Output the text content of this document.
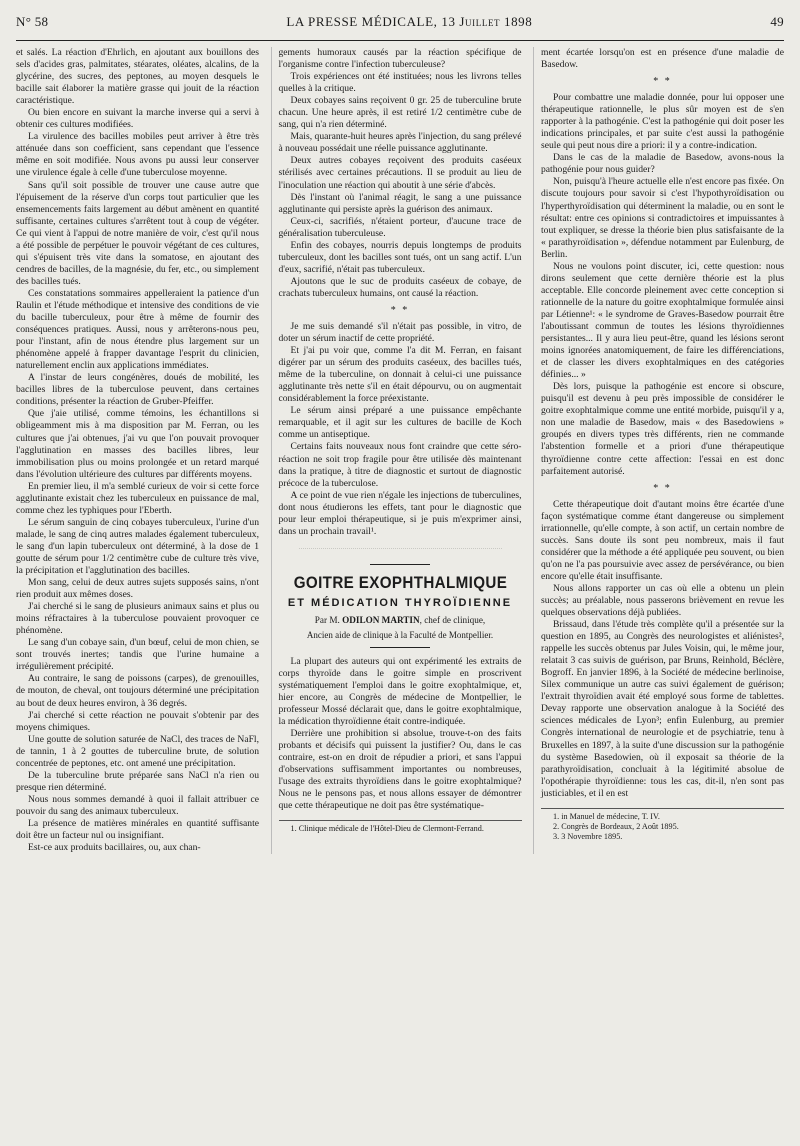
N° 58	LA PRESSE MÉDICALE, 13 Juillet 1898	49

et salés. La réaction d'Ehrlich, en ajoutant aux bouillons des sels d'acides gras, palmitates, stéarates, oléates, alcalins, de la glycérine, des sucres, des peptones, au moyen desquels le bacille sait élaborer la matière grasse qui jouit de la réaction caractéristique.

Ou bien encore en suivant la marche inverse qui a servi à obtenir ces cultures modifiées.

La virulence des bacilles mobiles peut arriver à être très atténuée dans son coefficient, sans cependant que l'essence même en soit modifiée. Nous avons pu aussi leur conserver une virulence égale à celle d'une tuberculose moyenne.

Sans qu'il soit possible de trouver une cause autre que l'épuisement de la réserve d'un corps tout particulier que les ensemencements faits largement au début amènent en quantité suffisante, certaines cultures s'arrêtent tout à coup de végéter. Ce qui vient à l'appui de notre manière de voir, c'est qu'il nous a été possible de perpétuer le pouvoir végétant de ces cultures, qui s'épuisent très vite dans la somatose, en ajoutant des cendres de bacilles, de la magnésie, du fer, etc., ou simplement des bacilles tués.

Ces constatations sommaires appelleraient la patience d'un Raulin et l'étude méthodique et intensive des conditions de vie du bacille tuberculeux, pour être à même de fournir des conséquences pratiques. Aussi, nous y arrêterons-nous peu, pour l'instant, afin de nous étendre plus largement sur un phénomène appelé à frapper davantage l'esprit du clinicien, naturellement enclin aux applications immédiates.

A l'instar de leurs congénères, doués de mobilité, les bacilles libres de la tuberculose peuvent, dans certaines conditions, présenter la réaction de Gruber-Pfeiffer.

Que j'aie utilisé, comme témoins, les échantillons si obligeamment mis à ma disposition par M. Ferran, ou les cultures que j'ai obtenues, j'ai vu que l'on pouvait provoquer l'agglutination en masses des bacilles libres, leur immobilisation plus ou moins prolongée et un retard marqué dans l'évolution ultérieure des cultures par différents moyens.

En premier lieu, il m'a semblé curieux de voir si cette force agglutinante existait chez les tuberculeux en puissance de mal, comme chez les typhiques pour l'Eberth.

Le sérum sanguin de cinq cobayes tuberculeux, l'urine d'un malade, le sang de cinq autres malades également tuberculeux, le sang d'un lapin tuberculeux ont déterminé, à la dose de 1 goutte de sérum pour 1/2 centimètre cube de culture très vive, la précipitation et l'agglutination des bacilles.

Mon sang, celui de deux autres sujets supposés sains, n'ont rien produit aux mêmes doses.

J'ai cherché si le sang de plusieurs animaux sains et plus ou moins réfractaires à la tuberculose pouvaient provoquer ce phénomène.

Le sang d'un cobaye sain, d'un bœuf, celui de mon chien, se sont trouvés inertes; tandis que l'urine humaine a irrégulièrement précipité.

Au contraire, le sang de poissons (carpes), de grenouilles, de mouton, de cheval, ont toujours déterminé une précipitation au bout de deux heures environ, à 36 degrés.

J'ai cherché si cette réaction ne pouvait s'obtenir par des moyens chimiques.

Une goutte de solution saturée de NaCl, des traces de NaFl, de tannin, 1 à 2 gouttes de tuberculine brute, de solution concentrée de peptones, etc. ont amené une précipitation.

De la tuberculine brute préparée sans NaCl n'a rien ou presque rien déterminé.

Nous nous sommes demandé à quoi il fallait attribuer ce pouvoir du sang des animaux tuberculeux.

La présence de matières minérales en quantité suffisante doit être un facteur nul ou insignifiant.

Est-ce aux produits bacillaires, ou, aux chan-

gements humoraux causés par la réaction spécifique de l'organisme contre l'infection tuberculeuse?

Trois expériences ont été instituées; nous les livrons telles quelles à la critique.

Deux cobayes sains reçoivent 0 gr. 25 de tuberculine brute chacun. Une heure après, il est retiré 1/2 centimètre cube de sang, qui n'a rien déterminé.

Mais, quarante-huit heures après l'injection, du sang prélevé à nouveau possédait une réelle puissance agglutinante.

Deux autres cobayes reçoivent des produits caséeux stérilisés avec certaines précautions. Il se produit au lieu de l'inoculation une réaction qui aboutit à une série d'abcès.

Dès l'instant où l'animal réagit, le sang a une puissance agglutinante qui persiste après la guérison des animaux.

Ceux-ci, sacrifiés, n'étaient porteur, d'aucune trace de généralisation tuberculeuse.

Enfin des cobayes, nourris depuis longtemps de produits tuberculeux, dont les bacilles sont tués, ont un sang actif. L'un d'eux, sacrifié, n'était pas tuberculeux.

Ajoutons que le suc de produits caséeux de cobaye, de crachats tuberculeux humains, ont causé la réaction.

* *

Je me suis demandé s'il n'était pas possible, in vitro, de doter un sérum inactif de cette propriété.

Et j'ai pu voir que, comme l'a dit M. Ferran, en faisant digérer par un sérum des produits caséeux, des bacilles tués, même de la tuberculine, on donnait à celui-ci une puissance agglutinante très nette s'il en était dépourvu, ou on augmentait considérablement la force préexistante.

Le sérum ainsi préparé a une puissance empêchante remarquable, et il agit sur les cultures de bacille de Koch comme un antiseptique.

Certains faits nouveaux nous font craindre que cette séro-réaction ne soit trop fragile pour être utilisée dès maintenant dans la pratique, à titre de diagnostic et surtout de diagnostic précoce de la tuberculose.

A ce point de vue rien n'égale les injections de tuberculines, dont nous étudierons les effets, tant pour le diagnostic que pour leur emploi thérapeutique, si je puis m'exprimer ainsi, dans un prochain travail¹.

GOITRE EXOPHTHALMIQUE
ET MÉDICATION THYROÏDIENNE
Par M. ODILON MARTIN, chef de clinique,
Ancien aide de clinique à la Faculté de Montpellier.

La plupart des auteurs qui ont expérimenté les extraits de corps thyroïde dans le goitre simple en proscrivent systématiquement l'emploi dans le goitre exophtalmique, et, hier encore, au Congrès de médecine de Montpellier, le professeur Mossé déclarait que, dans le goitre exophtalmique, la médication thyroïdienne était contre-indiquée.

Derrière une prohibition si absolue, trouve-t-on des faits probants et décisifs qui puissent la justifier? Ou, dans le cas contraire, est-on en droit de répudier a priori, et sans l'appui d'observations suffisamment importantes ou nombreuses, l'usage des extraits thyroïdiens dans le goitre exophtalmique? Nous ne le pensons pas, et nous allons essayer de démontrer que cette thérapeutique ne doit pas être systématique-

1. Clinique médicale de l'Hôtel-Dieu de Clermont-Ferrand.

ment écartée lorsqu'on est en présence d'une maladie de Basedow.

* *

Pour combattre une maladie donnée, pour lui opposer une thérapeutique rationnelle, le plus sûr moyen est de s'en rapporter à la pathogénie. C'est la pathogénie qui doit poser les indications principales, et par suite c'est aussi la pathogénie seule qui peut nous dire a priori: il y a contre-indication.

Dans le cas de la maladie de Basedow, avons-nous la pathogénie pour nous guider?

Non, puisqu'à l'heure actuelle elle n'est encore pas fixée. On discute toujours pour savoir si c'est l'hypothyroïdisation ou l'hyperthyroïdisation qui déterminent la maladie, ou en sont le résultat: entre ces opinions si contradictoires et impuissantes à tout expliquer, se dresse la théorie bien plus satisfaisante de la « parathyroïdisation », défendue notamment par Eulenburg, de Berlin.

Nous ne voulons point discuter, ici, cette question: nous dirons seulement que cette dernière théorie est la plus acceptable. Elle concorde pleinement avec cette conception si rationnelle de la nature du goitre exophtalmique formulée ainsi par Létienne¹: « le syndrome de Graves-Basedow pourrait être l'aboutissant commun de toutes les lésions thyroïdiennes persistantes... Il y aura lieu peut-être, quand les lésions seront moins ignorées anatomiquement, de faire les différenciations, et de classer les divers exophtalmiques en des catégories définies... »

Dès lors, puisque la pathogénie est encore si obscure, puisqu'il est devenu à peu près impossible de considérer le goitre exophtalmique comme une entité morbide, puisqu'il y a, non une maladie de Basedow, mais « des Basedowiens » groupés en divers types très différents, rien ne commande l'abstention formelle et a priori d'une thérapeutique thyroïdienne contre cette affection: l'essai en est donc parfaitement autorisé.

* *

Cette thérapeutique doit d'autant moins être écartée d'une façon systématique comme étant dangereuse ou simplement irrationnelle, qu'elle compte, à son actif, un certain nombre de succès. Sans doute ils sont peu nombreux, mais il faut considérer que la méthode a été appliquée peu souvent, ou bien qu'on ne l'a pas poursuivie avec assez de persévérance, ou bien encore qu'elle était insuffisante.

Nous allons rapporter un cas où elle a obtenu un plein succès; au préalable, nous passerons brièvement en revue les quelques observations déjà publiées.

Brissaud, dans l'étude très complète qu'il a présentée sur la question en 1895, au Congrès des neurologistes et aliénistes², rappelle les succès obtenus par Jules Voisin, qui, le même jour, relatait 3 cas suivis de guérison, par Bruns, Reinhold, Béclère, Bogroff. En janvier 1896, à la Société de médecine berlinoise, Silex communique un autre cas suivi également de guérison; l'extrait thyroïdien avait été employé sous forme de tablettes. Devay rapporte une observation analogue à la Société des sciences médicales de Lyon³; enfin Eulenburg, au premier Congrès international de neurologie et de psychiatrie, tenu à Bruxelles en 1897, à la suite d'une discussion sur la pathogénie du système Basedowien, où il exposait sa théorie de la parathyroïdisation, concluait à la légitimité absolue de l'opothérapie thyroïdienne: tous les cas, dit-il, n'en sont pas justiciables, et il en est

1. in Manuel de médecine, T. IV.

2. Congrès de Bordeaux, 2 Août 1895.

3. 3 Novembre 1895.
